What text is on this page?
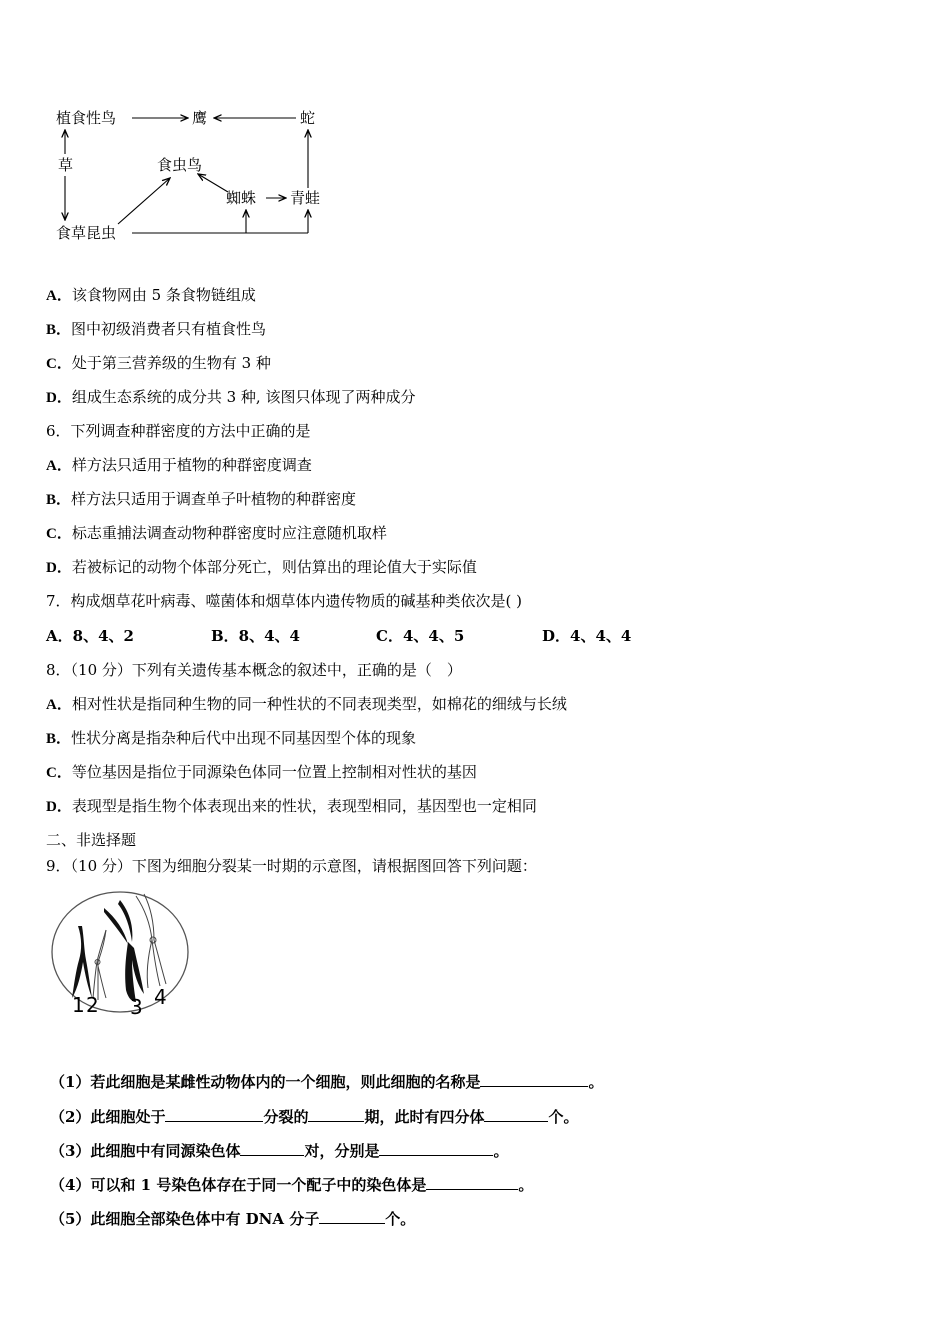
植食性鸟	鹰	蛇
草	食虫鸟
蜘蛛 青蛙
食草昆虫
A．该食物网由 5 条食物链组成
B．图中初级消费者只有植食性鸟
C．处于第三营养级的生物有 3 种
D．组成生态系统的成分共 3 种, 该图只体现了两种成分
6．下列调查种群密度的方法中正确的是
A．样方法只适用于植物的种群密度调查
B．样方法只适用于调查单子叶植物的种群密度
C．标志重捕法调查动物种群密度时应注意随机取样
D．若被标记的动物个体部分死亡，则估算出的理论值大于实际值
7．构成烟草花叶病毒、噬菌体和烟草体内遗传物质的碱基种类依次是( )
A．8、4、2	B．8、4、4	C．4、4、5	D．4、4、4
8．（10 分）下列有关遗传基本概念的叙述中，正确的是（　）
A．相对性状是指同种生物的同一种性状的不同表现类型，如棉花的细绒与长绒
B．性状分离是指杂种后代中出现不同基因型个体的现象
C．等位基因是指位于同源染色体同一位置上控制相对性状的基因
D．表现型是指生物个体表现出来的性状，表现型相同，基因型也一定相同
二、非选择题
9．（10 分）下图为细胞分裂某一时期的示意图，请根据图回答下列问题：
1 2 3 4
（1）若此细胞是某雌性动物体内的一个细胞，则此细胞的名称是	。
（2）此细胞处于	分裂的	期，此时有四分体	个。
（3）此细胞中有同源染色体	对，分别是	。
（4）可以和 1 号染色体存在于同一个配子中的染色体是	。
（5）此细胞全部染色体中有 DNA 分子	个。
